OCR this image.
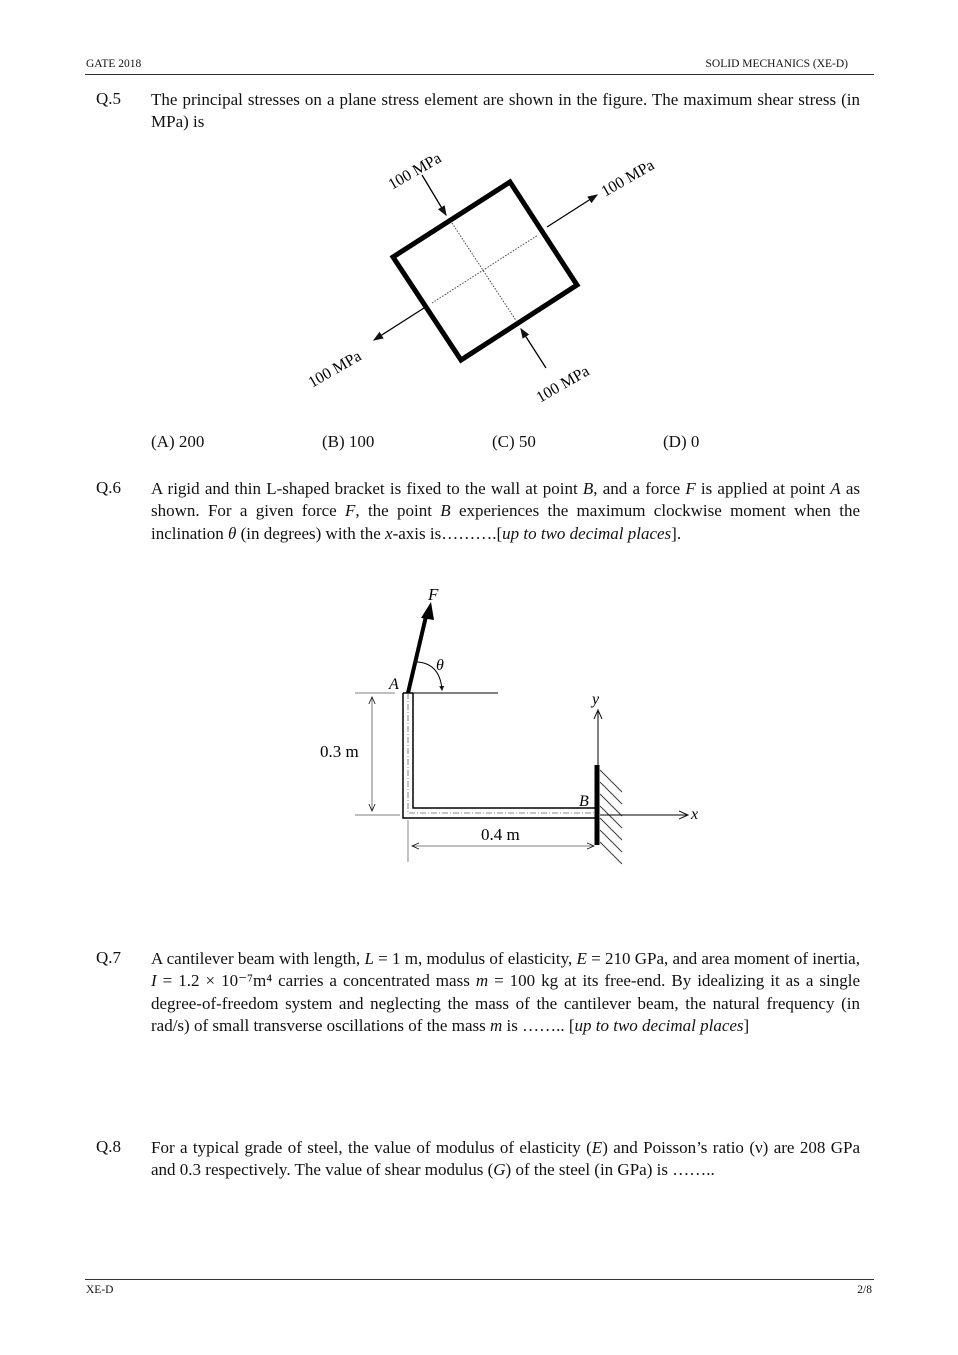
GATE 2018	SOLID MECHANICS (XE-D)
Q.5 The principal stresses on a plane stress element are shown in the figure. The maximum shear stress (in MPa) is
100 MPa	100 MPa
100 MPa	100 MPa
F
θ
A
B
y
x
0.3 m
0.4 m
(A) 200	(B) 100	(C) 50	(D) 0
Q.6 A rigid and thin L-shaped bracket is fixed to the wall at point B, and a force F is applied at point A as shown. For a given force F, the point B experiences the maximum clockwise moment when the inclination θ (in degrees) with the x-axis is……….[up to two decimal places].
Q.7 A cantilever beam with length, L = 1 m, modulus of elasticity, E = 210 GPa, and area moment of inertia, I = 1.2 × 10⁻⁷m⁴ carries a concentrated mass m = 100 kg at its free-end. By idealizing it as a single degree-of-freedom system and neglecting the mass of the cantilever beam, the natural frequency (in rad/s) of small transverse oscillations of the mass m is …….. [up to two decimal places]
Q.8 For a typical grade of steel, the value of modulus of elasticity (E) and Poisson’s ratio (ν) are 208 GPa and 0.3 respectively. The value of shear modulus (G) of the steel (in GPa) is ……..
XE-D	2/8
